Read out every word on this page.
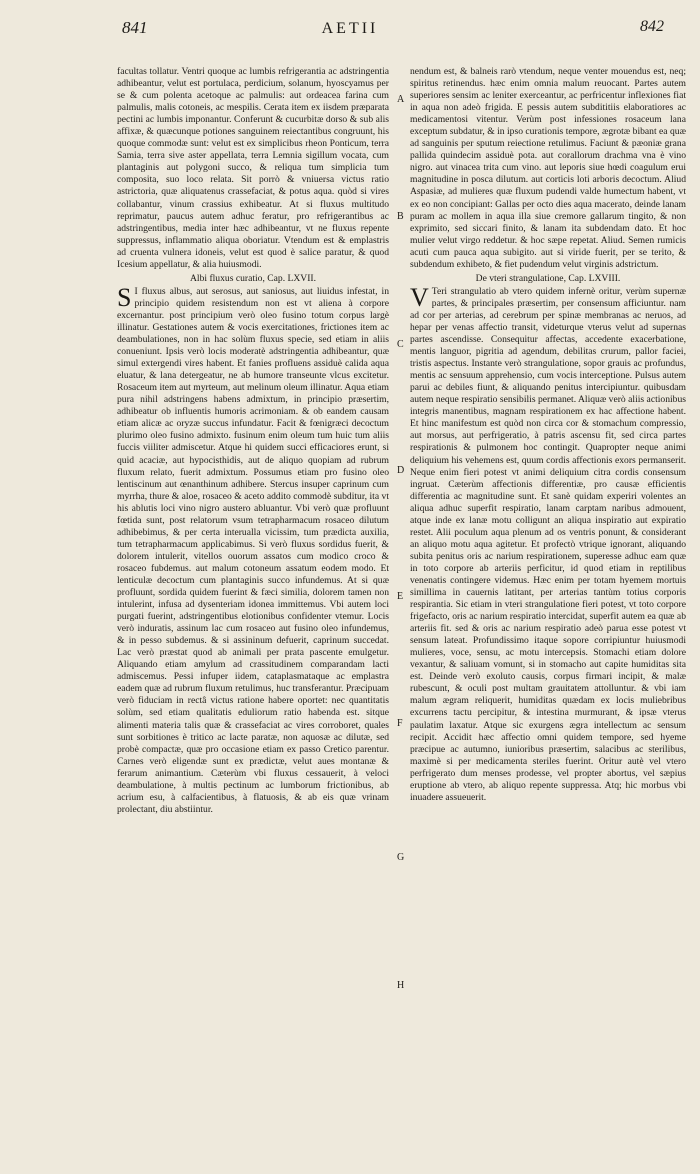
841	AETII	842

facultas tollatur. Ventri quoque ac lumbis refrigerantia ac adstringentia adhibeantur, velut est portulaca, perdicium, solanum, hyoscyamus per se & cum polenta acetoque ac palmulis: aut ordeacea farina cum palmulis, malis cotoneis, ac mespilis. Cerata item ex iisdem præparata pectini ac lumbis imponantur. Conferunt & cucurbitæ dorso & sub alis affixæ, & quæcunque potiones sanguinem reiectantibus congruunt, his quoque commodæ sunt: velut est ex simplicibus rheon Ponticum, terra Samia, terra sive aster appellata, terra Lemnia sigillum vocata, cum plantaginis aut polygoni succo, & reliqua tum simplicia tum composita, suo loco relata. Sit porrò & vniuersa victus ratio astrictoria, quæ aliquatenus crassefaciat, & potus aqua. quòd si vires collabantur, vinum crassius exhibeatur. At si fluxus multitudo reprimatur, paucus autem adhuc feratur, pro refrigerantibus ac adstringentibus, media inter hæc adhibeantur, vt ne fluxus repente suppressus, inflammatio aliqua oboriatur. Vtendum est & emplastris ad cruenta vulnera idoneis, velut est quod è salice paratur, & quod Icesium appellatur, & alia huiusmodi.

Albi fluxus curatio, Cap. LXVII.

S I fluxus albus, aut serosus, aut saniosus, aut liuidus infestat, in principio quidem resistendum non est vt aliena à corpore excernantur. post principium verò oleo fusino totum corpus largè illinatur. Gestationes autem & vocis exercitationes, frictiones item ac deambulationes, non in hac solùm fluxus specie, sed etiam in aliis conueniunt. Ipsis verò locis moderatè adstringentia adhibeantur, quæ simul extergendi vires habent. Et fanies profluens assiduè calida aqua eluatur, & lana detergeatur, ne ab humore transeunte vlcus excitetur. Rosaceum item aut myrteum, aut melinum oleum illinatur. Aqua etiam pura nihil adstringens habens admixtum, in principio præsertim, adhibeatur ob influentis humoris acrimoniam. & ob eandem causam etiam alicæ ac oryzæ succus infundatur. Facit & fœnigræci decoctum plurimo oleo fusino admixto. fusinum enim oleum tum huic tum aliis fuccis viiliter admiscetur. Atque hi quidem succi efficaciores erunt, si quid acaciæ, aut hypocisthidis, aut de aliquo quopiam ad rubrum fluxum relato, fuerit admixtum. Possumus etiam pro fusino oleo lentiscinum aut œnanthinum adhibere. Stercus insuper caprinum cum myrrha, thure & aloe, rosaceo & aceto addito commodè subditur, ita vt his ablutis loci vino nigro austero abluantur. Vbi verò quæ profluunt fœtida sunt, post relatorum vsum tetrapharmacum rosaceo dilutum adhibebimus, & per certa interualla vicissim, tum prædicta auxilia, tum tetrapharmacum applicabimus. Si verò fluxus sordidus fuerit, & dolorem intulerit, vitellos ouorum assatos cum modico croco & rosaceo fubdemus. aut malum cotoneum assatum eodem modo. Et lenticulæ decoctum cum plantaginis succo infundemus. At si quæ profluunt, sordida quidem fuerint & fæci similia, dolorem tamen non intulerint, infusa ad dysenteriam idonea immittemus. Vbi autem loci purgati fuerint, adstringentibus elotionibus confidenter vtemur. Locis verò induratis, assinum lac cum rosaceo aut fusino oleo infundemus, & in pesso subdemus. & si assininum defuerit, caprinum succedat. Lac verò præstat quod ab animali per prata pascente emulgetur. Aliquando etiam amylum ad crassitudinem comparandam lacti admiscemus. Pessi infuper iidem, cataplasmataque ac emplastra eadem quæ ad rubrum fluxum retulimus, huc transferantur. Præcipuam verò fiduciam in rectâ victus ratione habere oportet: nec quantitatis solùm, sed etiam qualitatis eduliorum ratio habenda est. sitque alimenti materia talis quæ & crassefaciat ac vires corroboret, quales sunt sorbitiones è tritico ac lacte paratæ, non aquosæ ac dilutæ, sed probè compactæ, quæ pro occasione etiam ex passo Cretico parentur. Carnes verò eligendæ sunt ex prædictæ, velut aues montanæ & ferarum animantium. Cæterùm vbi fluxus cessauerit, à veloci deambulatione, à multis pectinum ac lumborum frictionibus, ab acrium esu, à calfacientibus, à flatuosis, & ab eis quæ vrinam prolectant, diu abstiintur.

nendum est, & balneis rarò vtendum, neque venter mouendus est, neq; spiritus retinendus. hæc enim omnia malum reuocant. Partes autem superiores sensim ac leniter exerceantur, ac perfricentur inflexiones fiat in aqua non adeò frigida. E pessis autem subdititiis elaboratiores ac medicamentosi vitentur. Verùm post infessiones rosaceum lana exceptum subdatur, & in ipso curationis tempore, ægrotæ bibant ea quæ ad sanguinis per sputum reiectione retulimus. Faciunt & pæoniæ grana pallida quindecim assiduè pota. aut corallorum drachma vna è vino nigro. aut vinacea trita cum vino. aut leporis siue hœdi coagulum erui magnitudine in posca dilutum. aut corticis loti arboris decoctum. Aliud Aspasiæ, ad mulieres quæ fluxum pudendi valde humectum habent, vt ex eo non concipiant: Gallas per octo dies aqua macerato, deinde lanam puram ac mollem in aqua illa siue cremore gallarum tingito, & non exprimito, sed siccari finito, & lanam ita subdendam dato. Et hoc mulier velut virgo reddetur. & hoc sæpe repetat. Aliud. Semen rumicis acuti cum pauca aqua subigito. aut si viride fuerit, per se terito, & subdendum exhibeto, & fiet pudendum velut virginis adstrictum.

De vteri strangulatione, Cap. LXVIII.

V Teri strangulatio ab vtero quidem infernè oritur, verùm supernæ partes, & principales præsertim, per consensum afficiuntur. nam ad cor per arterias, ad cerebrum per spinæ membranas ac neruos, ad hepar per venas affectio transit, videturque vterus velut ad supernas partes ascendisse. Consequitur affectas, accedente exacerbatione, mentis languor, pigritia ad agendum, debilitas crurum, pallor faciei, tristis aspectus. Instante verò strangulatione, sopor grauis ac profundus, mentis ac sensuum apprehensio, cum vocis interceptione. Pulsus autem parui ac debiles fiunt, & aliquando penitus intercipiuntur. quibusdam autem neque respiratio sensibilis permanet. Aliquæ verò aliis actionibus integris manentibus, magnam respirationem ex hac affectione habent. Et hinc manifestum est quòd non circa cor & stomachum compressio, aut morsus, aut perfrigeratio, à patris ascensu fit, sed circa partes respirationis & pulmonem hoc contingit. Quapropter neque animi deliquium his vehemens est, quum cordis affectionis exors permanserit. Neque enim fieri potest vt animi deliquium citra cordis consensum ingruat. Cæterùm affectionis differentiæ, pro causæ efficientis differentia ac magnitudine sunt. Et sanè quidam experiri volentes an aliqua adhuc superfit respiratio, lanam carptam naribus admouent, atque inde ex lanæ motu colligunt an aliqua inspiratio aut expiratio restet. Alii poculum aqua plenum ad os ventris ponunt, & considerant an aliquo motu aqua agitetur. Et profectò vtrique ignorant, aliquando subita penitus oris ac narium respirationem, superesse adhuc eam quæ in toto corpore ab arteriis perficitur, id quod etiam in reptilibus venenatis contingere videmus. Hæc enim per totam hyemem mortuis simillima in cauernis latitant, per arterias tantùm totius corporis respirantia. Sic etiam in vteri strangulatione fieri potest, vt toto corpore frigefacto, oris ac narium respiratio intercidat, superfit autem ea quæ ab arteriis fit. sed & oris ac narium respiratio adeò parua esse potest vt sensum lateat. Profundissimo itaque sopore corripiuntur huiusmodi mulieres, voce, sensu, ac motu intercepsis. Stomachi etiam dolore vexantur, & saliuam vomunt, si in stomacho aut capite humiditas sita est. Deinde verò exoluto causis, corpus firmari incipit, & malæ rubescunt, & oculi post multam grauitatem attolluntur. & vbi iam malum ægram reliquerit, humiditas quædam ex locis muliebribus excurrens tactu percipitur, & intestina murmurant, & ipsæ vterus paulatim laxatur. Atque sic exurgens ægra intellectum ac sensum recipit. Accidit hæc affectio omni quidem tempore, sed hyeme præcipue ac autumno, iunioribus præsertim, salacibus ac sterilibus, maximè si per medicamenta steriles fuerint. Oritur autè vel vtero perfrigerato dum menses prodesse, vel propter abortus, vel sæpius eruptione ab vtero, ab aliquo repente suppressa. Atq; hic morbus vbi inuadere assueuerit.

A
B
C
D
E
F
G
H
